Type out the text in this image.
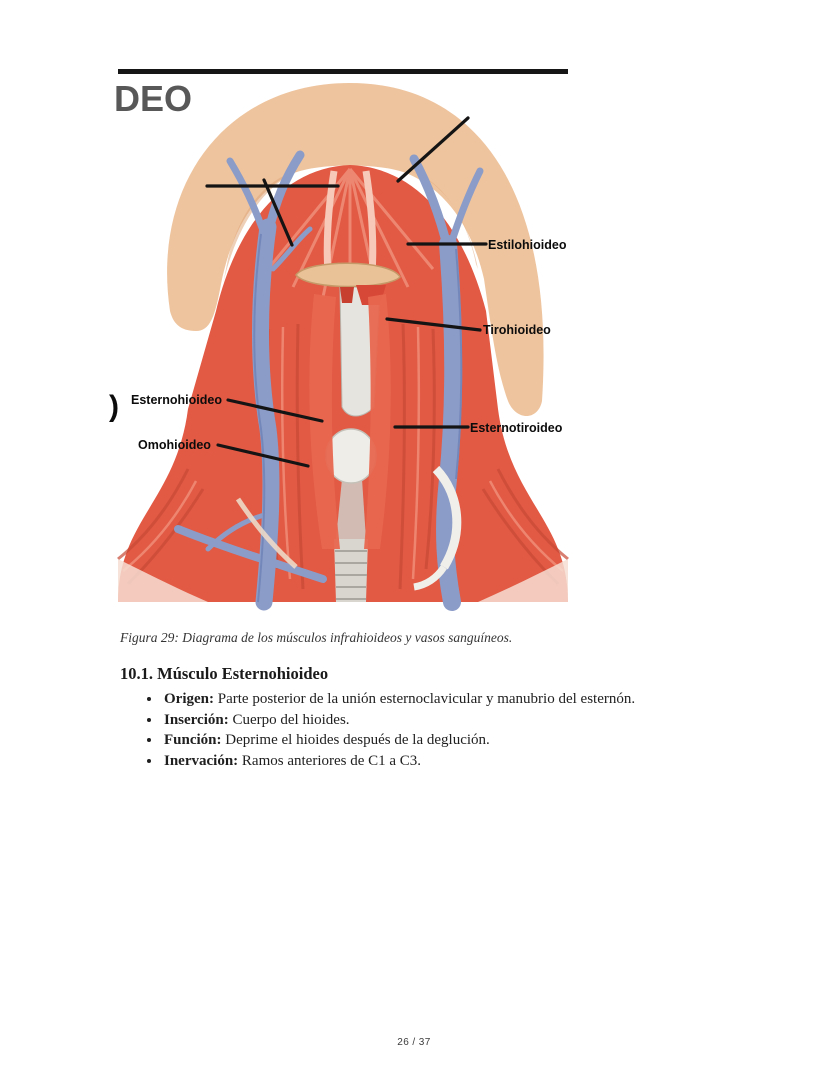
DEO
Estilohioideo
Tirohioideo
Esternohioideo
Omohioideo
Esternotiroideo
)
Figura 29: Diagrama de los músculos infrahioideos y vasos sanguíneos.
10.1. Músculo Esternohioideo
• Origen: Parte posterior de la unión esternoclavicular y manubrio del esternón.
• Inserción: Cuerpo del hioides.
• Función: Deprime el hioides después de la deglución.
• Inervación: Ramos anteriores de C1 a C3.
26 / 37
